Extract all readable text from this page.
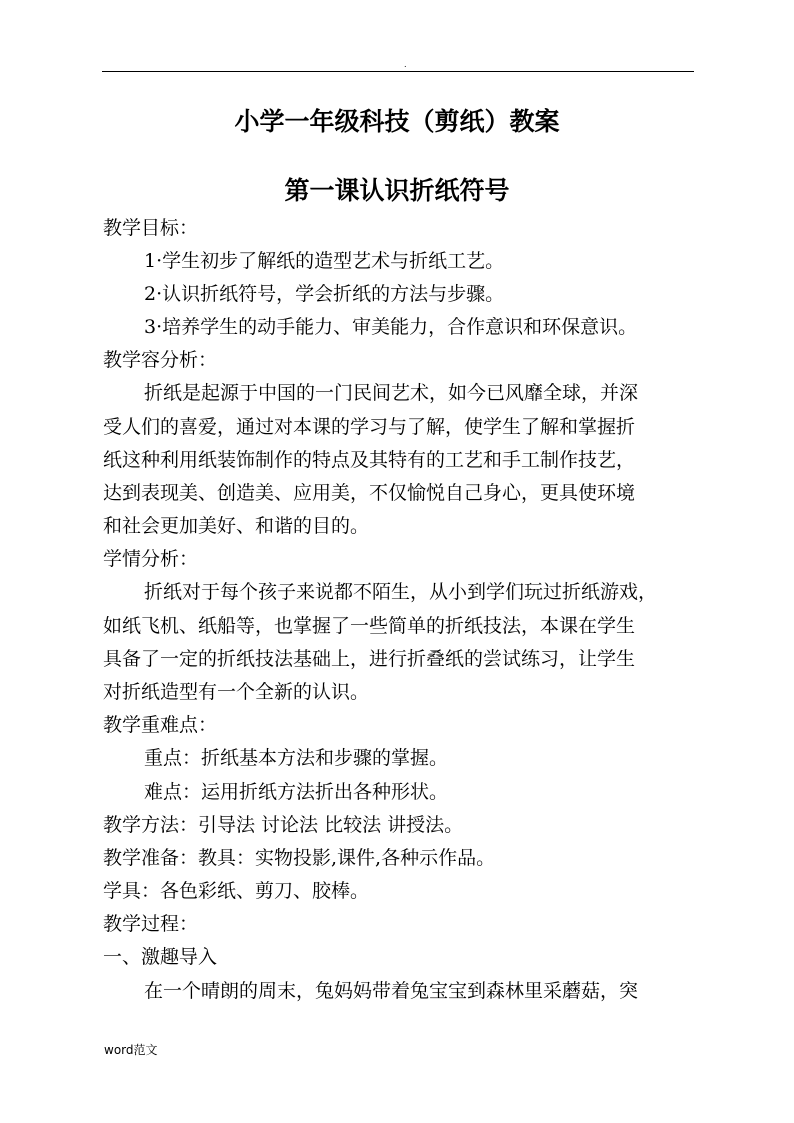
.
小学一年级科技（剪纸）教案
第一课认识折纸符号
教学目标：
1·学生初步了解纸的造型艺术与折纸工艺。
2·认识折纸符号，学会折纸的方法与步骤。
3·培养学生的动手能力、审美能力，合作意识和环保意识。
教学容分析：
折纸是起源于中国的一门民间艺术，如今已风靡全球，并深
受人们的喜爱，通过对本课的学习与了解，使学生了解和掌握折
纸这种利用纸装饰制作的特点及其特有的工艺和手工制作技艺，
达到表现美、创造美、应用美，不仅愉悦自己身心，更具使环境
和社会更加美好、和谐的目的。
学情分析：
折纸对于每个孩子来说都不陌生，从小到学们玩过折纸游戏，
如纸飞机、纸船等，也掌握了一些简单的折纸技法，本课在学生
具备了一定的折纸技法基础上，进行折叠纸的尝试练习，让学生
对折纸造型有一个全新的认识。
教学重难点：
重点：折纸基本方法和步骤的掌握。
难点：运用折纸方法折出各种形状。
教学方法：引导法 讨论法 比较法 讲授法。
教学准备：教具：实物投影,课件,各种示作品。
学具：各色彩纸、剪刀、胶棒。
教学过程：
一、激趣导入
在一个晴朗的周末，兔妈妈带着兔宝宝到森林里采蘑菇，突
word范文
